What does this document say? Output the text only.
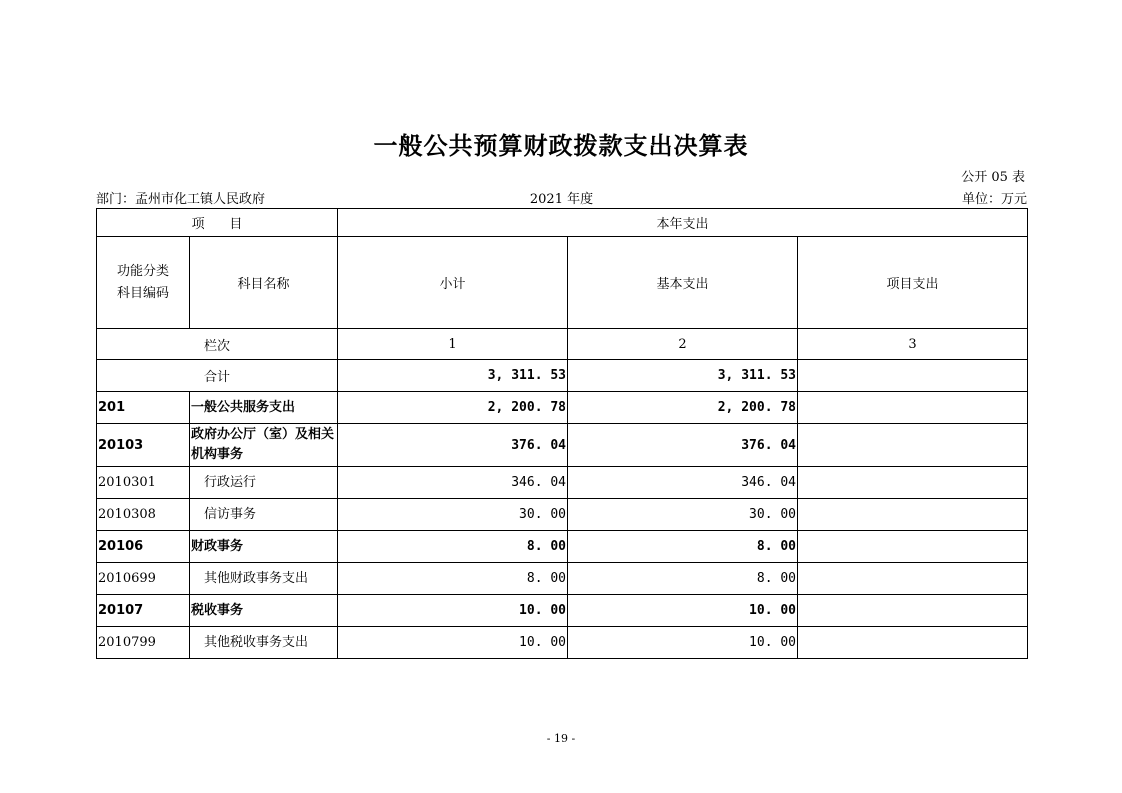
一般公共预算财政拨款支出决算表
公开 05 表
部门：孟州市化工镇人民政府	2021 年度	单位：万元
项      目		本年支出		
功能分类
科目编码	科目名称	小计	基本支出	项目支出
栏次		1	2	3
合计		3, 311. 53	3, 311. 53	
201	一般公共服务支出	2, 200. 78	2, 200. 78	
20103	政府办公厅（室）及相关机构事务	376. 04	376. 04	
2010301	行政运行	346. 04	346. 04	
2010308	信访事务	30. 00	30. 00	
20106	财政事务	8. 00	8. 00	
2010699	其他财政事务支出	8. 00	8. 00	
20107	税收事务	10. 00	10. 00	
2010799	其他税收事务支出	10. 00	10. 00	
- 19 -
